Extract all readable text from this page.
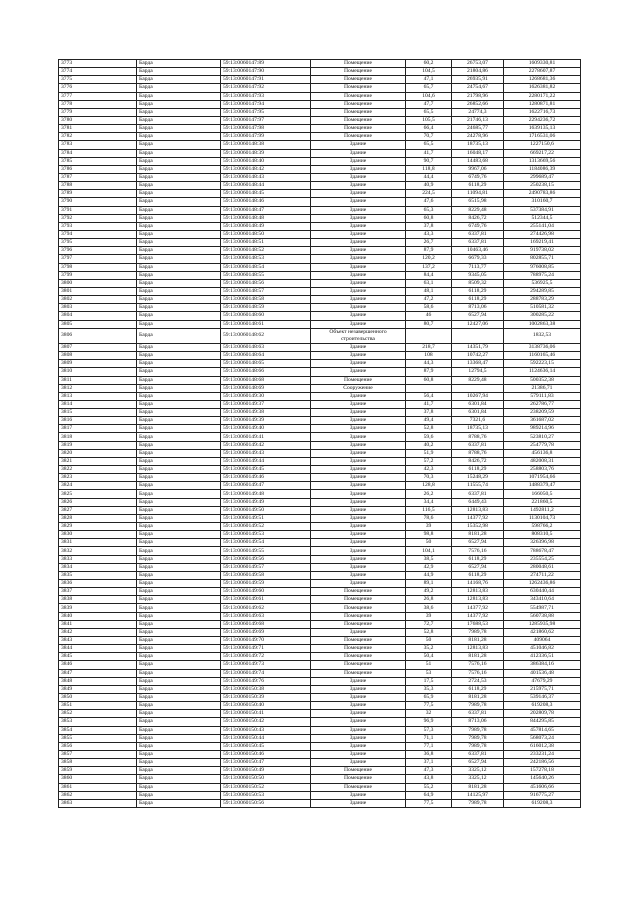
3773	Барда	59:13:0060147:89	Помещение	60,2	26753,07	1609330,81
3774	Барда	59:13:0060147:90	Помещение	104,5	21804,86	2278607,87
3775	Барда	59:13:0060147:91	Помещение	47,1	26935,91	1268681,36
3776	Барда	59:13:0060147:92	Помещение	65,7	24754,67	1626381,82
3777	Барда	59:13:0060147:93	Помещение	104,6	21798,96	2280171,22
3778	Барда	59:13:0060147:94	Помещение	47,7	26852,66	1280871,81
3779	Барда	59:13:0060147:95	Помещение	65,5	24774,3	1622716,73
3780	Барда	59:13:0060147:97	Помещение	105,5	21746,13	2294236,72
3781	Барда	59:13:0060147:98	Помещение	66,4	24685,77	1639135,13
3782	Барда	59:13:0060147:99	Помещение	70,7	24278,96	1716531,06
3783	Барда	59:13:0060148:38	Здание	65,5	18735,13	1227150,6
3784	Барда	59:13:0060148:39	Здание	41,7	16048,17	669217,22
3785	Барда	59:13:0060148:40	Здание	90,7	14483,68	1313669,56
3786	Барда	59:13:0060148:42	Здание	118,8	9967,06	1184086,39
3787	Барда	59:13:0060148:43	Здание	44,4	6749,76	299689,47
3788	Барда	59:13:0060148:44	Здание	40,9	6118,29	250238,15
3789	Барда	59:13:0060148:45	Здание	224,5	11094,81	2490783,86
3790	Барда	59:13:0060148:46	Здание	47,6	6515,98	310160,7
3791	Барда	59:13:0060148:47	Здание	65,3	8229,48	537384,91
3792	Барда	59:13:0060148:48	Здание	60,8	8426,72	512344,5
3793	Барда	59:13:0060148:49	Здание	37,8	6749,76	255141,04
3794	Барда	59:13:0060148:50	Здание	43,3	6337,81	274426,98
3795	Барда	59:13:0060148:51	Здание	26,7	6337,81	169219,41
3796	Барда	59:13:0060148:52	Здание	87,9	10463,46	919738,02
3797	Барда	59:13:0060148:53	Здание	120,2	6679,33	802855,71
3798	Барда	59:13:0060148:54	Здание	137,2	7113,77	976008,85
3799	Барда	59:13:0060148:55	Здание	84,4	9345,05	788975,24
3800	Барда	59:13:0060148:56	Здание	63,1	8509,32	536925,5
3801	Барда	59:13:0060148:57	Здание	48,1	6118,29	294289,85
3802	Барда	59:13:0060148:58	Здание	47,2	6118,29	288783,29
3803	Барда	59:13:0060148:59	Здание	58,6	8713,06	510581,32
3804	Барда	59:13:0060148:60	Здание	46	6527,94	300285,22
3805	Барда	59:13:0060148:61	Здание	80,7	12427,06	1002863,38
3806	Барда	59:13:0060148:62	Объект незавершенного строительства			1832,53
3807	Барда	59:13:0060148:63	Здание	218,7	14351,79	3138736,06
3808	Барда	59:13:0060148:64	Здание	108	10742,27	1160165,46
3809	Барда	59:13:0060148:65	Здание	44,3	13368,47	592223,15
3810	Барда	59:13:0060148:66	Здание	87,9	12794,5	1124636,14
3811	Барда	59:13:0060148:68	Помещение	60,8	8229,48	500352,38
3812	Барда	59:13:0060148:69	Сооружение			21386,71
3813	Барда	59:13:0060149:30	Здание	56,4	10267,94	579111,83
3814	Барда	59:13:0060149:37	Здание	41,7	6301,84	262786,77
3815	Барда	59:13:0060149:38	Здание	37,8	6301,84	238209,59
3816	Барда	59:13:0060149:39	Здание	49,4	7321,6	361687,02
3817	Барда	59:13:0060149:40	Здание	52,8	18735,13	989214,96
3818	Барда	59:13:0060149:41	Здание	59,6	8788,76	523810,27
3819	Барда	59:13:0060149:42	Здание	40,2	6337,81	254779,78
3820	Барда	59:13:0060149:43	Здание	51,9	8788,76	456136,8
3821	Барда	59:13:0060149:44	Здание	57,2	8426,72	482008,31
3822	Барда	59:13:0060149:45	Здание	42,3	6118,29	258803,76
3823	Барда	59:13:0060149:46	Здание	70,3	15248,29	1071954,66
3824	Барда	59:13:0060149:47	Здание	128,8	11555,74	1488379,47
3825	Барда	59:13:0060149:48	Здание	26,2	6337,81	166050,5
3826	Барда	59:13:0060149:49	Здание	34,4	6449,43	221860,5
3827	Барда	59:13:0060149:50	Здание	116,5	12813,83	1492811,2
3828	Барда	59:13:0060149:51	Здание	78,6	14377,92	1130104,73
3829	Барда	59:13:0060149:52	Здание	39	15352,98	598766,2
3830	Барда	59:13:0060149:53	Здание	98,8	8181,28	808310,5
3831	Барда	59:13:0060149:54	Здание	50	6527,94	326396,98
3832	Барда	59:13:0060149:55	Здание	104,1	7576,16	788678,47
3833	Барда	59:13:0060149:56	Здание	38,5	6118,29	235554,25
3834	Барда	59:13:0060149:57	Здание	42,9	6527,94	280048,61
3835	Барда	59:13:0060149:58	Здание	44,9	6118,29	274711,22
3836	Барда	59:13:0060149:59	Здание	89,1	14168,76	1262436,86
3837	Барда	59:13:0060149:60	Помещение	49,2	12813,83	630440,44
3838	Барда	59:13:0060149:61	Помещение	26,8	12813,83	343410,64
3839	Барда	59:13:0060149:62	Помещение	38,6	14377,92	554987,71
3840	Барда	59:13:0060149:63	Помещение	39	14377,92	560738,88
3841	Барда	59:13:0060149:68	Помещение	72,7	17688,53	1285935,98
3842	Барда	59:13:0060149:69	Здание	52,8	7989,78	421860,62
3843	Барда	59:13:0060149:70	Помещение	50	8181,28	409064
3844	Барда	59:13:0060149:71	Помещение	35,2	12813,83	451046,82
3845	Барда	59:13:0060149:72	Помещение	50,4	8181,28	412336,51
3846	Барда	59:13:0060149:73	Помещение	51	7576,16	386384,16
3847	Барда	59:13:0060149:74	Помещение	53	7576,16	401536,48
3848	Барда	59:13:0060149:76	Здание	17,5	2724,53	47679,29
3849	Барда	59:13:0060150:38	Здание	35,3	6118,29	215975,71
3850	Барда	59:13:0060150:39	Здание	65,9	8181,28	539146,37
3851	Барда	59:13:0060150:40	Здание	77,5	7989,78	619208,3
3852	Барда	59:13:0060150:41	Здание	32	6337,81	202809,78
3853	Барда	59:13:0060150:42	Здание	96,9	8713,06	844295,85
3854	Барда	59:13:0060150:43	Здание	57,3	7989,78	457814,65
3855	Барда	59:13:0060150:44	Здание	71,1	7989,78	568073,24
3856	Барда	59:13:0060150:45	Здание	77,1	7989,78	616012,38
3857	Барда	59:13:0060150:46	Здание	36,8	6337,81	233231,24
3858	Барда	59:13:0060150:47	Здание	37,1	6527,94	242186,56
3859	Барда	59:13:0060150:49	Помещение	47,3	3325,12	157278,18
3860	Барда	59:13:0060150:50	Помещение	43,8	3325,12	145640,26
3861	Барда	59:13:0060150:52	Помещение	55,2	8181,28	451606,66
3862	Барда	59:13:0060150:53	Здание	64,9	14125,97	916775,27
3863	Барда	59:13:0060150:56	Здание	77,5	7989,78	619208,3
